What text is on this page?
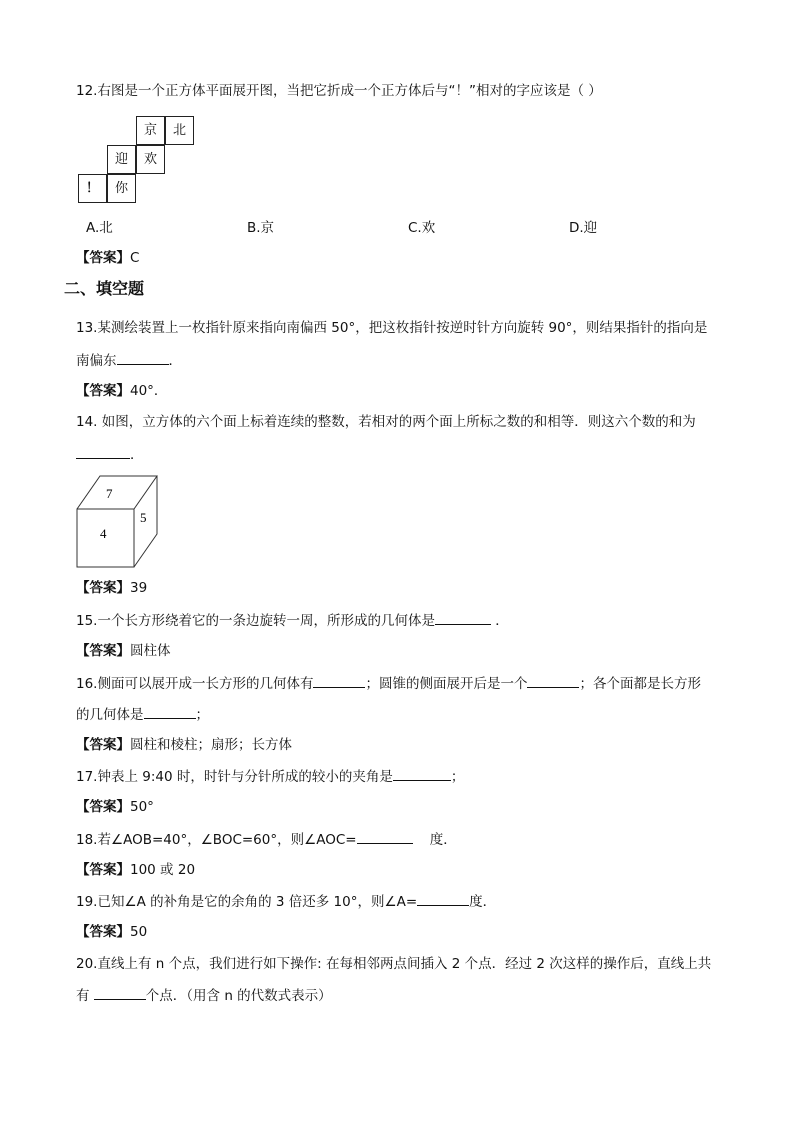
12.右图是一个正方体平面展开图，当把它折成一个正方体后与“！”相对的字应该是（ ）
京	北
迎	欢
！	你
A.北	B.京	C.欢	D.迎
【答案】C
二、填空题
13.某测绘装置上一枚指针原来指向南偏西 50°，把这枚指针按逆时针方向旋转 90°，则结果指针的指向是
南偏东	．
【答案】40°．
14. 如图，立方体的六个面上标着连续的整数，若相对的两个面上所标之数的和相等．则这六个数的和为
．
7
4
5
【答案】39
15.一个长方形绕着它的一条边旋转一周，所形成的几何体是	．
【答案】圆柱体
16.侧面可以展开成一长方形的几何体有	；圆锥的侧面展开后是一个	；各个面都是长方形
的几何体是	；
【答案】圆柱和棱柱；扇形；长方体
17.钟表上 9:40 时，时针与分针所成的较小的夹角是	；
【答案】50°
18.若∠AOB=40°，∠BOC=60°，则∠AOC=	度．
【答案】100 或 20
19.已知∠A 的补角是它的余角的 3 倍还多 10°，则∠A=	度．
【答案】50
20.直线上有 n 个点，我们进行如下操作: 在每相邻两点间插入 2 个点．经过 2 次这样的操作后，直线上共
有	个点．（用含 n 的代数式表示）
